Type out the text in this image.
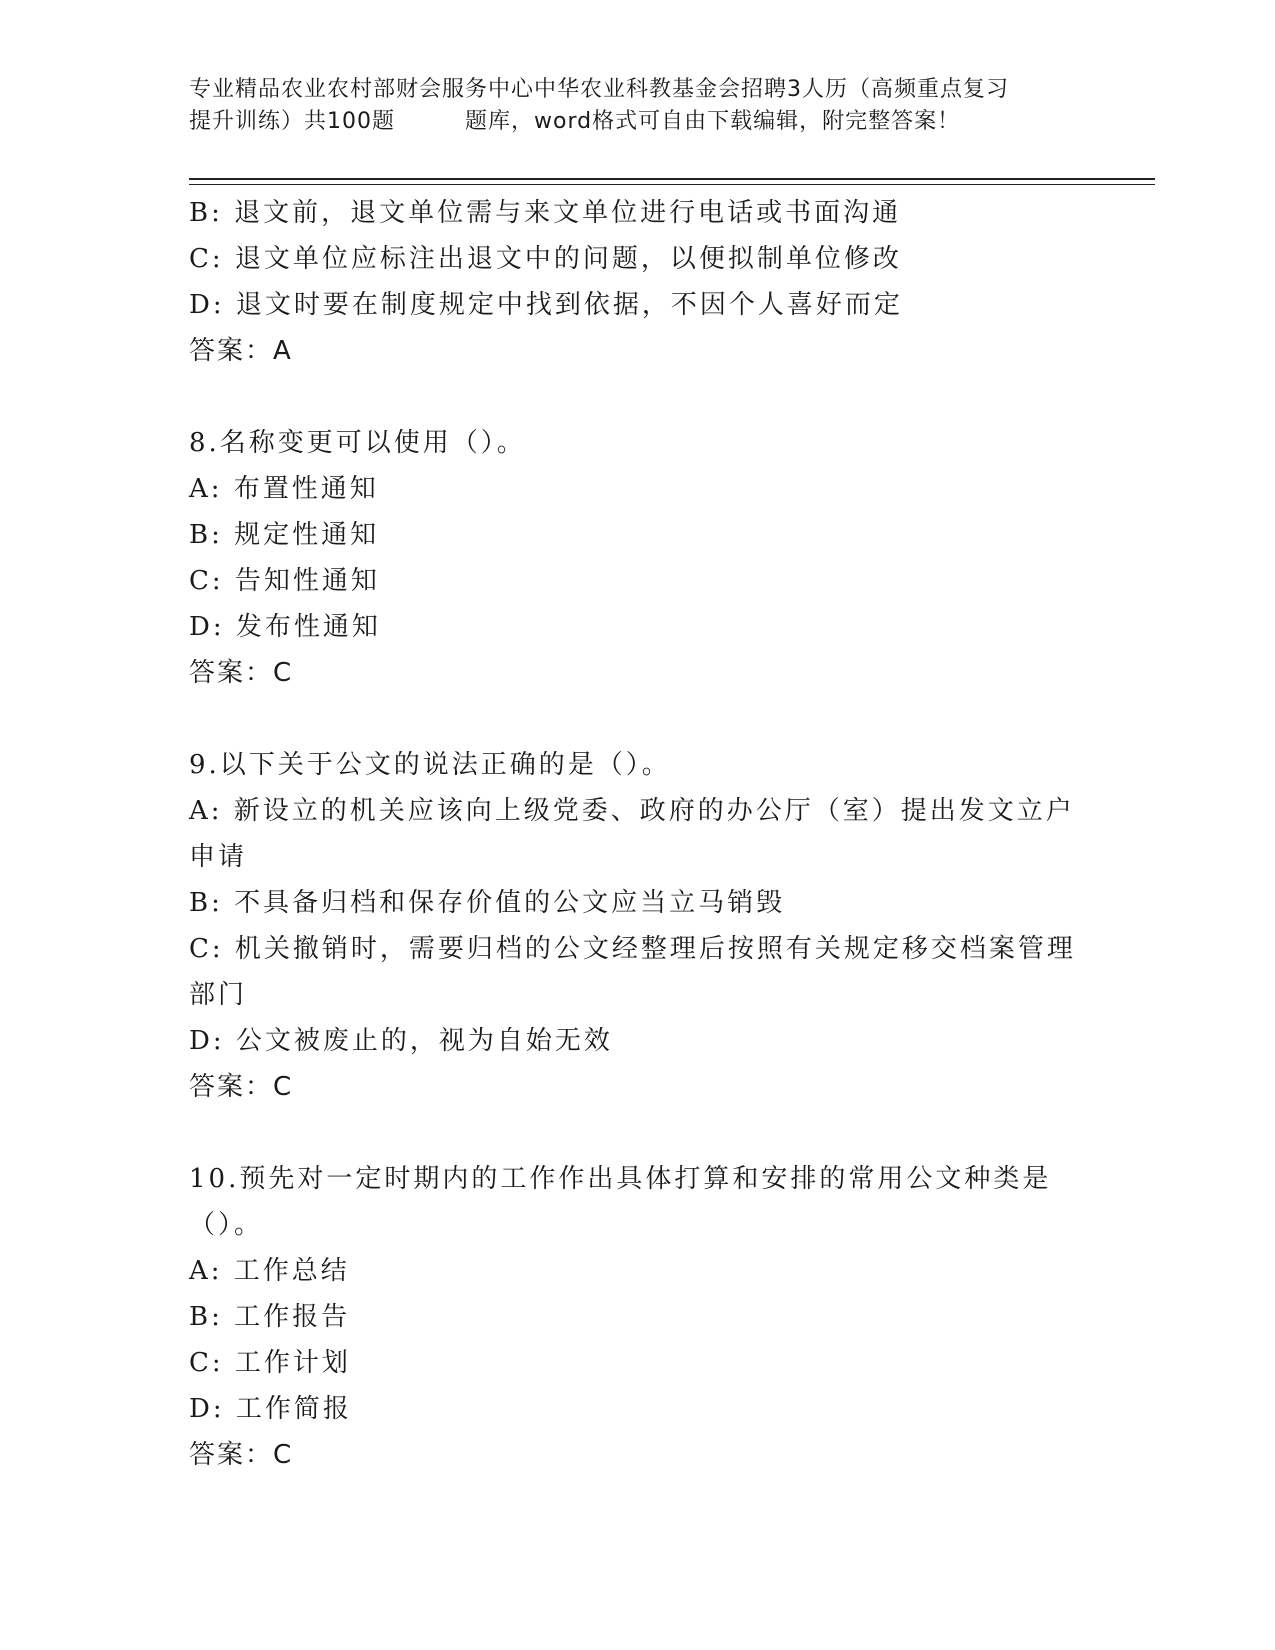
专业精品农业农村部财会服务中心中华农业科教基金会招聘3人历（高频重点复习
提升训练）共100题	题库，word格式可自由下载编辑，附完整答案！
B: 退文前，退文单位需与来文单位进行电话或书面沟通
C: 退文单位应标注出退文中的问题，以便拟制单位修改
D: 退文时要在制度规定中找到依据，不因个人喜好而定
答案：A
8.名称变更可以使用（）。
A: 布置性通知
B: 规定性通知
C: 告知性通知
D: 发布性通知
答案：C
9.以下关于公文的说法正确的是（）。
A: 新设立的机关应该向上级党委、政府的办公厅（室）提出发文立户申请
B: 不具备归档和保存价值的公文应当立马销毁
C: 机关撤销时，需要归档的公文经整理后按照有关规定移交档案管理部门
D: 公文被废止的，视为自始无效
答案：C
10.预先对一定时期内的工作作出具体打算和安排的常用公文种类是（）。
A: 工作总结
B: 工作报告
C: 工作计划
D: 工作简报
答案：C
